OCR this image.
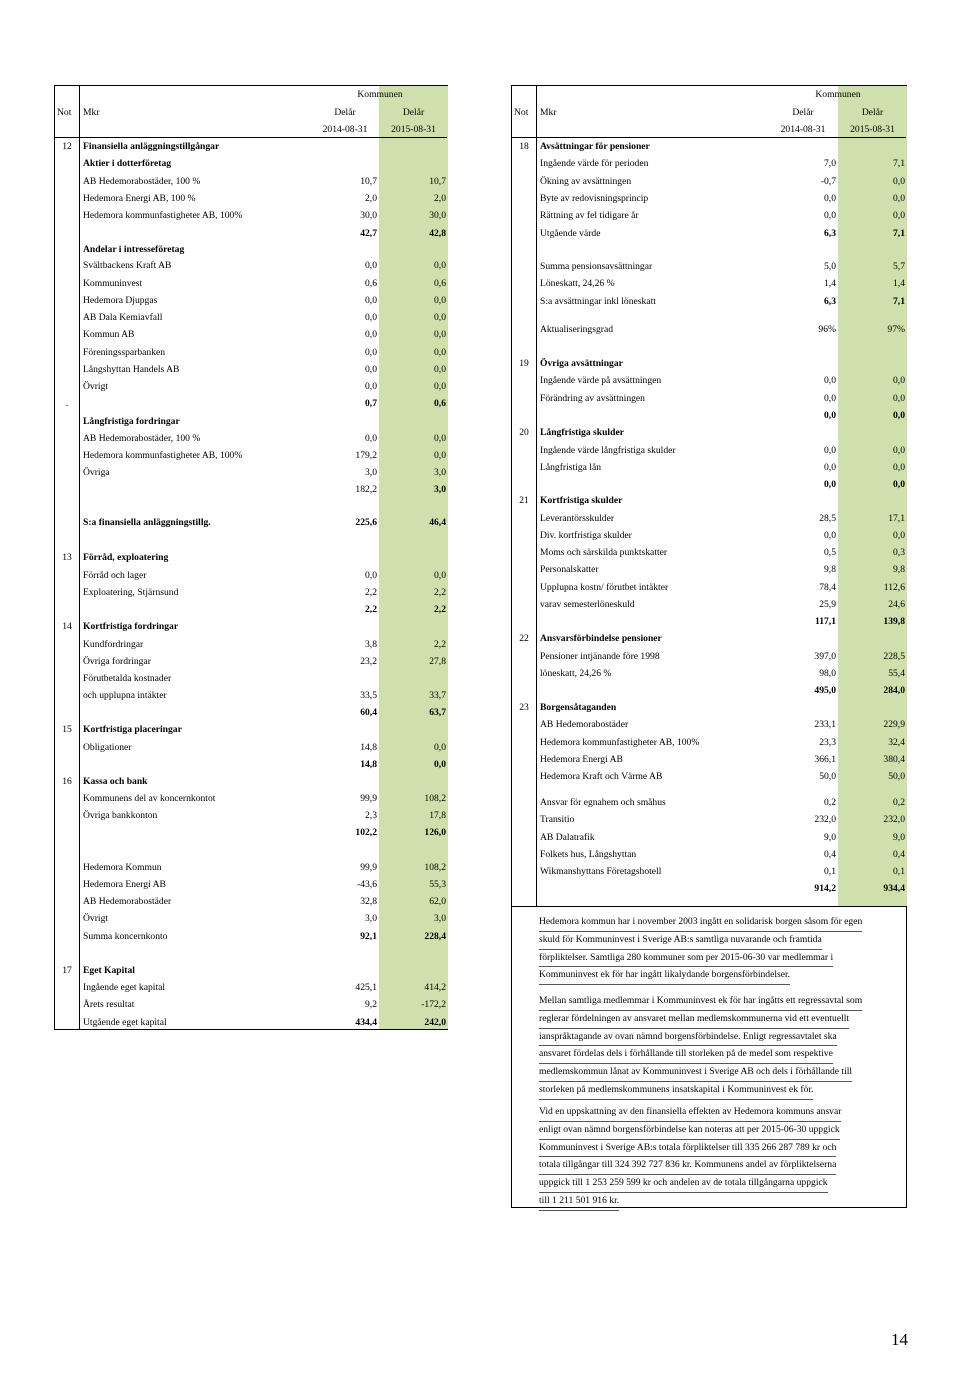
Not Mkr
Kommunen
Delår	Delår
2014-08-31	2015-08-31
12	Finansiella anläggningstillgångar
Aktier i dotterföretag
AB Hedemorabostäder, 100 %	10,7	10,7
Hedemora Energi AB, 100 %	2,0	2,0
Hedemora kommunfastigheter AB, 100%	30,0	30,0
42,7	42,8
Andelar i intresseföretag
Svältbackens Kraft AB	0,0	0,0
Kommuninvest	0,6	0,6
Hedemora Djupgas	0,0	0,0
AB Dala Kemiavfall	0,0	0,0
Kommun AB	0,0	0,0
Föreningssparbanken	0,0	0,0
Långshyttan Handels AB	0,0	0,0
Övrigt	0,0	0,0
.	0,7	0,6
Långfristiga fordringar
AB Hedemorabostäder, 100 %	0,0	0,0
Hedemora kommunfastigheter AB, 100%	179,2	0,0
Övriga	3,0	3,0
182,2	3,0
S:a finansiella anläggningstillg.	225,6	46,4
13	Förråd, exploatering
Förråd och lager	0,0	0,0
Exploatering, Stjärnsund	2,2	2,2
2,2	2,2
14	Kortfristiga fordringar
Kundfordringar	3,8	2,2
Övriga fordringar	23,2	27,8
Förutbetalda kostnader
och upplupna intäkter	33,5	33,7
60,4	63,7
15	Kortfristiga placeringar
Obligationer	14,8	0,0
14,8	0,0
16	Kassa och bank
Kommunens del av koncernkontot	99,9	108,2
Övriga bankkonton	2,3	17,8
102,2	126,0
Hedemora Kommun	99,9	108,2
Hedemora Energi AB	-43,6	55,3
AB Hedemorabostäder	32,8	62,0
Övrigt	3,0	3,0
Summa koncernkonto	92,1	228,4
17	Eget Kapital
Ingående eget kapital	425,1	414,2
Årets resultat	9,2	-172,2
Utgående eget kapital	434,4	242,0
Not Mkr
Kommunen
Delår	Delår
2014-08-31	2015-08-31
18	Avsättningar för pensioner
Ingående värde för perioden	7,0	7,1
Ökning av avsättningen	-0,7	0,0
Byte av redovisningsprincip	0,0	0,0
Rättning av fel tidigare år	0,0	0,0
Utgående värde	6,3	7,1
Summa pensionsavsättningar	5,0	5,7
Löneskatt, 24,26 %	1,4	1,4
S:a avsättningar inkl löneskatt	6,3	7,1
Aktualiseringsgrad	96%	97%
19	Övriga avsättningar
Ingående värde på avsättningen	0,0	0,0
Förändring av avsättningen	0,0	0,0
0,0	0,0
20	Långfristiga skulder
Ingående värde långfristiga skulder	0,0	0,0
Långfristiga lån	0,0	0,0
0,0	0,0
21	Kortfristiga skulder
Leverantörsskulder	28,5	17,1
Div. kortfristiga skulder	0,0	0,0
Moms och särskilda punktskatter	0,5	0,3
Personalskatter	9,8	9,8
Upplupna kostn/ förutbet intäkter	78,4	112,6
varav semesterlöneskuld	25,9	24,6
117,1	139,8
22	Ansvarsförbindelse pensioner
Pensioner intjänande före 1998	397,0	228,5
löneskatt, 24,26 %	98,0	55,4
495,0	284,0
23	Borgensåtaganden
AB Hedemorabostäder	233,1	229,9
Hedemora kommunfastigheter AB, 100%	23,3	32,4
Hedemora Energi AB	366,1	380,4
Hedemora Kraft och Värme AB	50,0	50,0
Ansvar för egnahem och småhus	0,2	0,2
Transitio	232,0	232,0
AB Dalatrafik	9,0	9,0
Folkets hus, Långshyttan	0,4	0,4
Wikmanshyttans Företagshotell	0,1	0,1
914,2	934,4
Hedemora kommun har i november 2003 ingått en solidarisk borgen såsom för egen
skuld för Kommuninvest i Sverige AB:s samtliga nuvarande och framtida
förpliktelser. Samtliga 280 kommuner som per 2015-06-30 var medlemmar i
Kommuninvest ek för har ingått likalydande borgensförbindelser.
Mellan samtliga medlemmar i Kommuninvest ek för har ingåtts ett regressavtal som
reglerar fördelningen av ansvaret mellan medlemskommunerna vid ett eventuellt
ianspråktagande av ovan nämnd borgensförbindelse. Enligt regressavtalet ska
ansvaret fördelas dels i förhållande till storleken på de medel som respektive
medlemskommun lånat av Kommuninvest i Sverige AB och dels i förhållande till
storleken på medlemskommunens insatskapital i Kommuninvest ek för.
Vid en uppskattning av den finansiella effekten av Hedemora kommuns ansvar
enligt ovan nämnd borgensförbindelse kan noteras att per 2015-06-30 uppgick
Kommuninvest i Sverige AB:s totala förpliktelser till 335 266 287 789 kr och
totala tillgångar till 324 392 727 836 kr. Kommunens andel av förpliktelserna
uppgick till 1 253 259 599 kr och andelen av de totala tillgångarna uppgick
till 1 211 501 916 kr.
14
